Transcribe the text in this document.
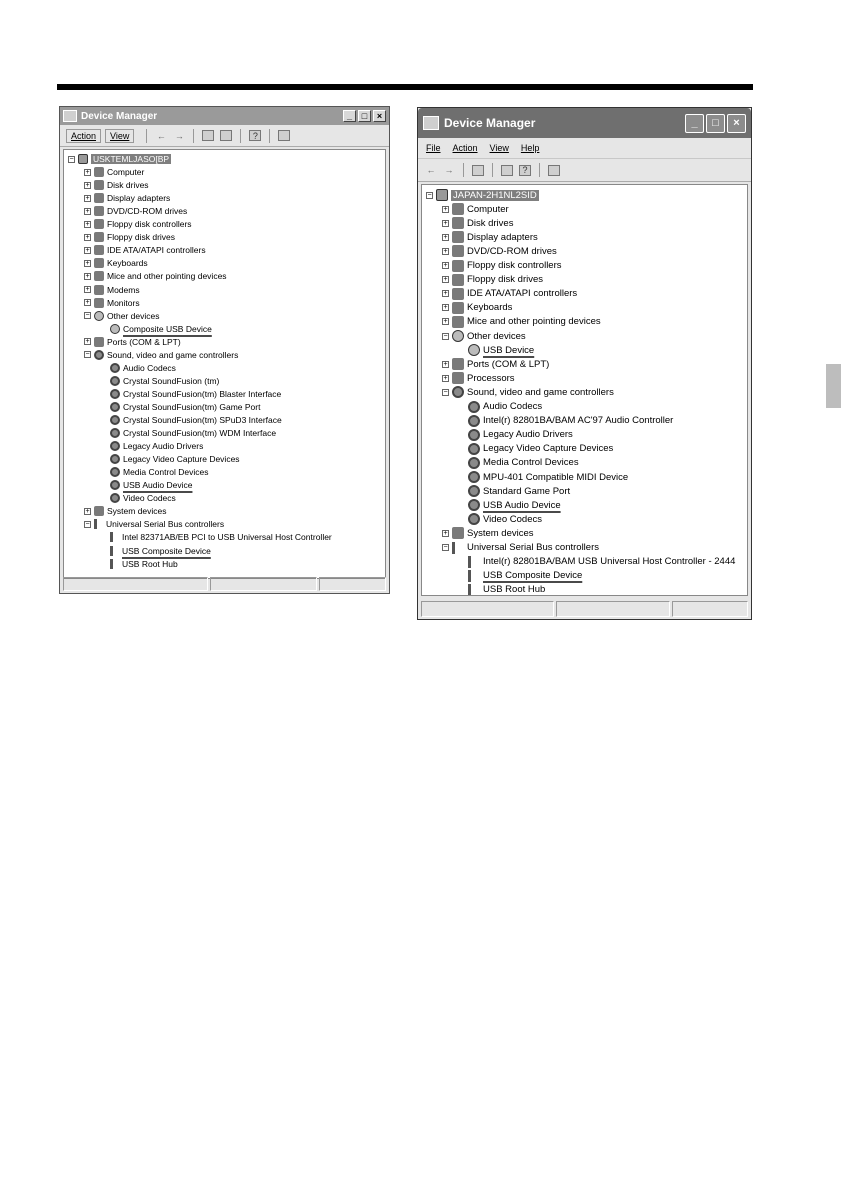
Device Manager	_	□	×
Action	View	← →	?
− USKTEMLJASO[BP
+ Computer
+ Disk drives
+ Display adapters
+ DVD/CD-ROM drives
+ Floppy disk controllers
+ Floppy disk drives
+ IDE ATA/ATAPI controllers
+ Keyboards
+ Mice and other pointing devices
+ Modems
+ Monitors
− Other devices
Composite USB Device
+ Ports (COM & LPT)
− Sound, video and game controllers
Audio Codecs
Crystal SoundFusion (tm)
Crystal SoundFusion(tm) Blaster Interface
Crystal SoundFusion(tm) Game Port
Crystal SoundFusion(tm) SPuD3 Interface
Crystal SoundFusion(tm) WDM Interface
Legacy Audio Drivers
Legacy Video Capture Devices
Media Control Devices
USB Audio Device
Video Codecs
+ System devices
− Universal Serial Bus controllers
Intel 82371AB/EB PCI to USB Universal Host Controller
USB Composite Device
USB Root Hub
Device Manager	_	□	×
File Action View Help
← →	?
− JAPAN-2H1NL2SID
+ Computer
+ Disk drives
+ Display adapters
+ DVD/CD-ROM drives
+ Floppy disk controllers
+ Floppy disk drives
+ IDE ATA/ATAPI controllers
+ Keyboards
+ Mice and other pointing devices
− Other devices
USB Device
+ Ports (COM & LPT)
+ Processors
− Sound, video and game controllers
Audio Codecs
Intel(r) 82801BA/BAM AC'97 Audio Controller
Legacy Audio Drivers
Legacy Video Capture Devices
Media Control Devices
MPU-401 Compatible MIDI Device
Standard Game Port
USB Audio Device
Video Codecs
+ System devices
− Universal Serial Bus controllers
Intel(r) 82801BA/BAM USB Universal Host Controller - 2444
USB Composite Device
USB Root Hub
